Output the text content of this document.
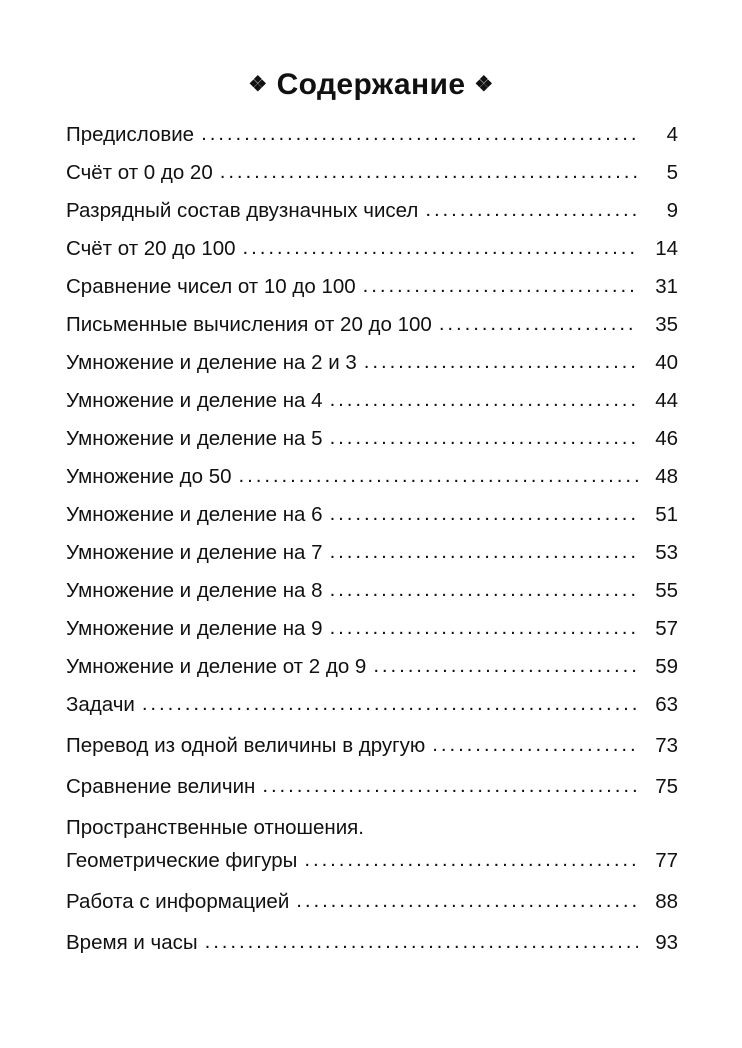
❖ Содержание ❖
Предисловие .....	4
Счёт от 0 до 20 .....	5
Разрядный состав двузначных чисел .....	9
Счёт от 20 до 100 .....	14
Сравнение чисел от 10 до 100 .....	31
Письменные вычисления от 20 до 100 .....	35
Умножение и деление на 2 и 3 .....	40
Умножение и деление на 4 .....	44
Умножение и деление на 5 .....	46
Умножение до 50 .....	48
Умножение и деление на 6 .....	51
Умножение и деление на 7 .....	53
Умножение и деление на 8 .....	55
Умножение и деление на 9 .....	57
Умножение и деление от 2 до 9 .....	59
Задачи .....	63
Перевод из одной величины в другую .....	73
Сравнение величин .....	75
Пространственные отношения.
Геометрические фигуры .....	77
Работа с информацией .....	88
Время и часы .....	93
